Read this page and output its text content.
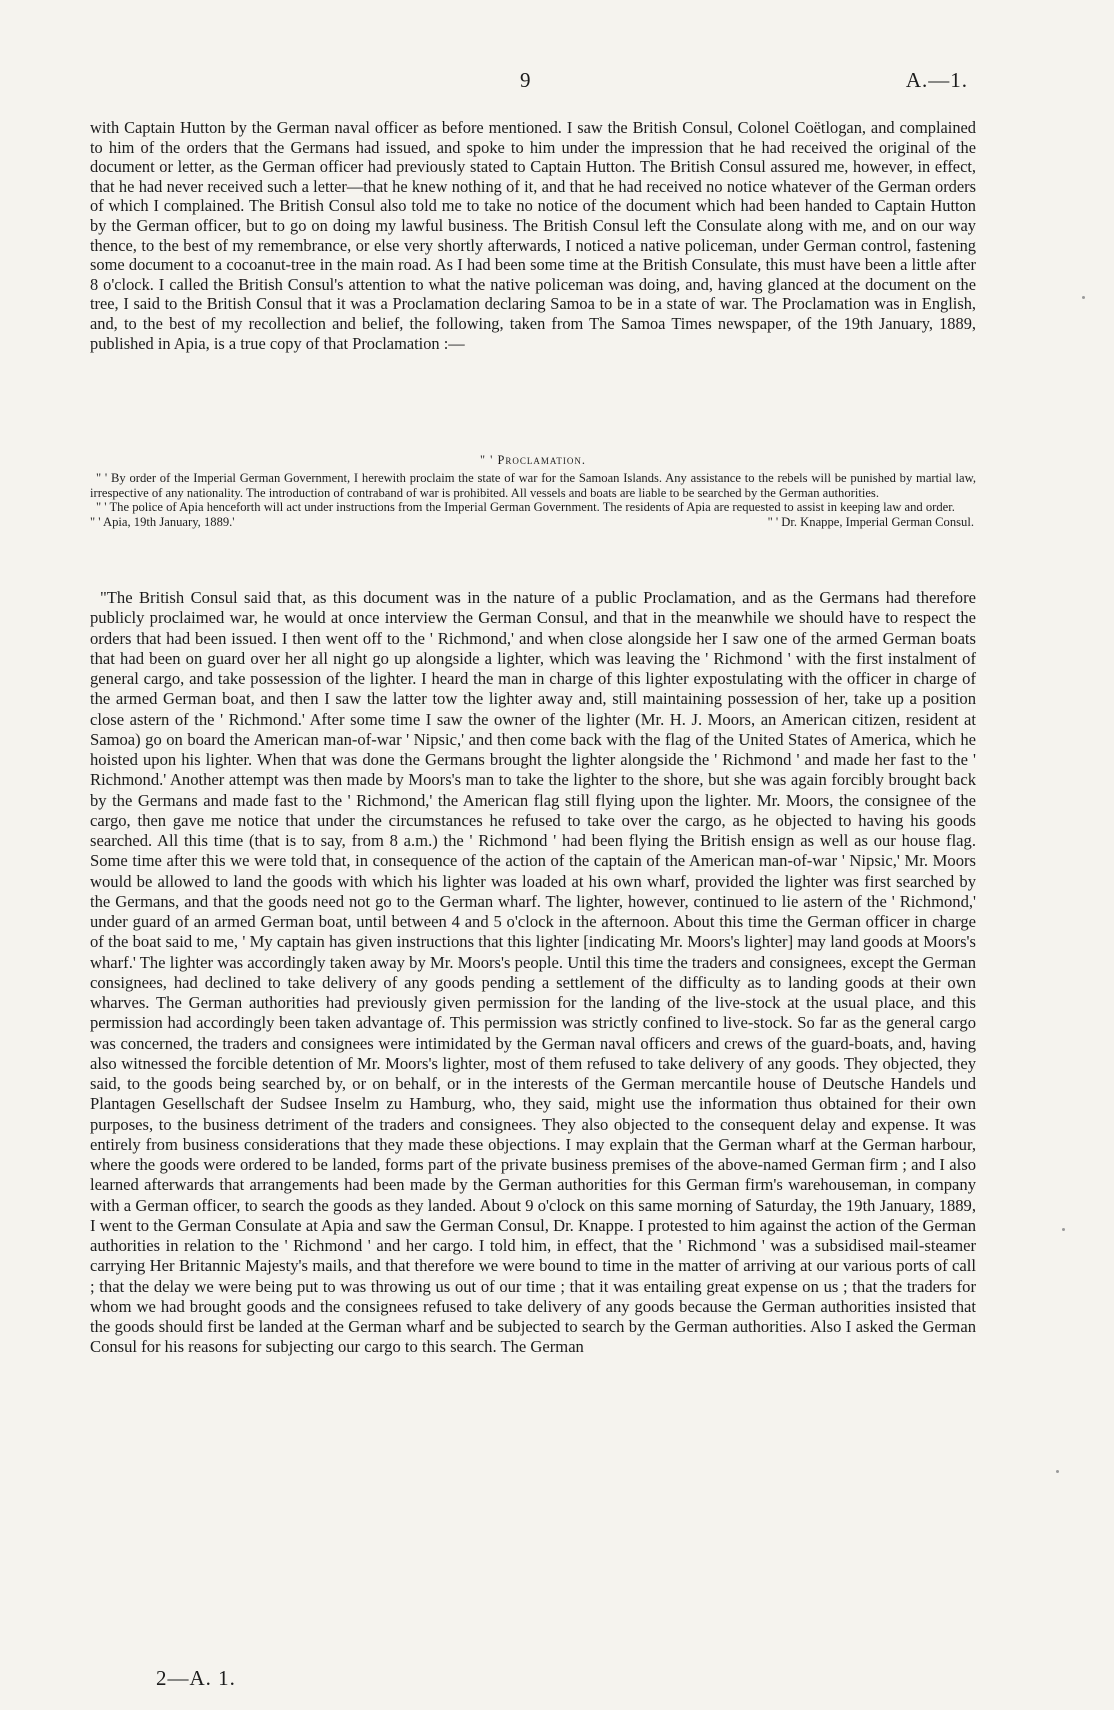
9	A.—1.
with Captain Hutton by the German naval officer as before mentioned. I saw the British Consul, Colonel Coëtlogan, and complained to him of the orders that the Germans had issued, and spoke to him under the impression that he had received the original of the document or letter, as the German officer had previously stated to Captain Hutton. The British Consul assured me, however, in effect, that he had never received such a letter—that he knew nothing of it, and that he had received no notice whatever of the German orders of which I complained. The British Consul also told me to take no notice of the document which had been handed to Captain Hutton by the German officer, but to go on doing my lawful business. The British Consul left the Consulate along with me, and on our way thence, to the best of my remembrance, or else very shortly afterwards, I noticed a native policeman, under German control, fastening some document to a cocoanut-tree in the main road. As I had been some time at the British Consulate, this must have been a little after 8 o'clock. I called the British Consul's attention to what the native policeman was doing, and, having glanced at the document on the tree, I said to the British Consul that it was a Proclamation declaring Samoa to be in a state of war. The Proclamation was in English, and, to the best of my recollection and belief, the following, taken from The Samoa Times newspaper, of the 19th January, 1889, published in Apia, is a true copy of that Proclamation :—
" ' Proclamation.

" ' By order of the Imperial German Government, I herewith proclaim the state of war for the Samoan Islands. Any assistance to the rebels will be punished by martial law, irrespective of any nationality. The introduction of contraband of war is prohibited. All vessels and boats are liable to be searched by the German authorities.

" ' The police of Apia henceforth will act under instructions from the Imperial German Government. The residents of Apia are requested to assist in keeping law and order.

" ' Apia, 19th January, 1889.'	" ' Dr. Knappe, Imperial German Consul.
"The British Consul said that, as this document was in the nature of a public Proclamation, and as the Germans had therefore publicly proclaimed war, he would at once interview the German Consul, and that in the meanwhile we should have to respect the orders that had been issued. I then went off to the ' Richmond,' and when close alongside her I saw one of the armed German boats that had been on guard over her all night go up alongside a lighter, which was leaving the ' Richmond ' with the first instalment of general cargo, and take possession of the lighter. I heard the man in charge of this lighter expostulating with the officer in charge of the armed German boat, and then I saw the latter tow the lighter away and, still maintaining possession of her, take up a position close astern of the ' Richmond.' After some time I saw the owner of the lighter (Mr. H. J. Moors, an American citizen, resident at Samoa) go on board the American man-of-war ' Nipsic,' and then come back with the flag of the United States of America, which he hoisted upon his lighter. When that was done the Germans brought the lighter alongside the ' Richmond ' and made her fast to the ' Richmond.' Another attempt was then made by Moors's man to take the lighter to the shore, but she was again forcibly brought back by the Germans and made fast to the ' Richmond,' the American flag still flying upon the lighter. Mr. Moors, the consignee of the cargo, then gave me notice that under the circumstances he refused to take over the cargo, as he objected to having his goods searched. All this time (that is to say, from 8 a.m.) the ' Richmond ' had been flying the British ensign as well as our house flag. Some time after this we were told that, in consequence of the action of the captain of the American man-of-war ' Nipsic,' Mr. Moors would be allowed to land the goods with which his lighter was loaded at his own wharf, provided the lighter was first searched by the Germans, and that the goods need not go to the German wharf. The lighter, however, continued to lie astern of the ' Richmond,' under guard of an armed German boat, until between 4 and 5 o'clock in the afternoon. About this time the German officer in charge of the boat said to me, ' My captain has given instructions that this lighter [indicating Mr. Moors's lighter] may land goods at Moors's wharf.' The lighter was accordingly taken away by Mr. Moors's people. Until this time the traders and consignees, except the German consignees, had declined to take delivery of any goods pending a settlement of the difficulty as to landing goods at their own wharves. The German authorities had previously given permission for the landing of the live-stock at the usual place, and this permission had accordingly been taken advantage of. This permission was strictly confined to live-stock. So far as the general cargo was concerned, the traders and consignees were intimidated by the German naval officers and crews of the guard-boats, and, having also witnessed the forcible detention of Mr. Moors's lighter, most of them refused to take delivery of any goods. They objected, they said, to the goods being searched by, or on behalf, or in the interests of the German mercantile house of Deutsche Handels und Plantagen Gesellschaft der Sudsee Inselm zu Hamburg, who, they said, might use the information thus obtained for their own purposes, to the business detriment of the traders and consignees. They also objected to the consequent delay and expense. It was entirely from business considerations that they made these objections. I may explain that the German wharf at the German harbour, where the goods were ordered to be landed, forms part of the private business premises of the above-named German firm ; and I also learned afterwards that arrangements had been made by the German authorities for this German firm's warehouseman, in company with a German officer, to search the goods as they landed. About 9 o'clock on this same morning of Saturday, the 19th January, 1889, I went to the German Consulate at Apia and saw the German Consul, Dr. Knappe. I protested to him against the action of the German authorities in relation to the ' Richmond ' and her cargo. I told him, in effect, that the ' Richmond ' was a subsidised mail-steamer carrying Her Britannic Majesty's mails, and that therefore we were bound to time in the matter of arriving at our various ports of call ; that the delay we were being put to was throwing us out of our time ; that it was entailing great expense on us ; that the traders for whom we had brought goods and the consignees refused to take delivery of any goods because the German authorities insisted that the goods should first be landed at the German wharf and be subjected to search by the German authorities. Also I asked the German Consul for his reasons for subjecting our cargo to this search. The German
2—A. 1.
